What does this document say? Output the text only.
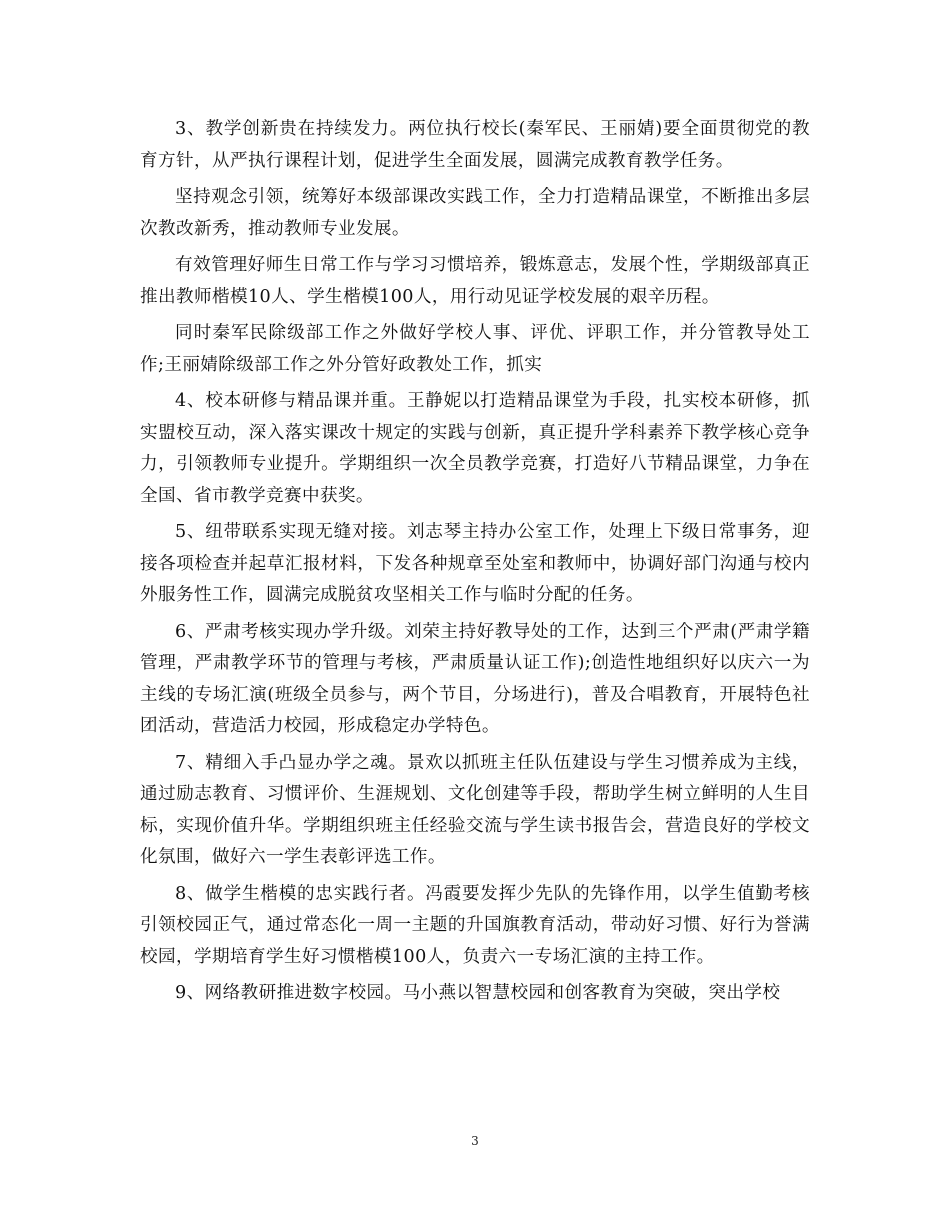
3、教学创新贵在持续发力。两位执行校长(秦军民、王丽婧)要全面贯彻党的教育方针，从严执行课程计划，促进学生全面发展，圆满完成教育教学任务。

坚持观念引领，统筹好本级部课改实践工作，全力打造精品课堂，不断推出多层次教改新秀，推动教师专业发展。

有效管理好师生日常工作与学习习惯培养，锻炼意志，发展个性，学期级部真正推出教师楷模10人、学生楷模100人，用行动见证学校发展的艰辛历程。

同时秦军民除级部工作之外做好学校人事、评优、评职工作，并分管教导处工作;王丽婧除级部工作之外分管好政教处工作，抓实

4、校本研修与精品课并重。王静妮以打造精品课堂为手段，扎实校本研修，抓实盟校互动，深入落实课改十规定的实践与创新，真正提升学科素养下教学核心竞争力，引领教师专业提升。学期组织一次全员教学竞赛，打造好八节精品课堂，力争在全国、省市教学竞赛中获奖。

5、纽带联系实现无缝对接。刘志琴主持办公室工作，处理上下级日常事务，迎接各项检查并起草汇报材料，下发各种规章至处室和教师中，协调好部门沟通与校内外服务性工作，圆满完成脱贫攻坚相关工作与临时分配的任务。

6、严肃考核实现办学升级。刘荣主持好教导处的工作，达到三个严肃(严肃学籍管理，严肃教学环节的管理与考核，严肃质量认证工作);创造性地组织好以庆六一为主线的专场汇演(班级全员参与，两个节目，分场进行)，普及合唱教育，开展特色社团活动，营造活力校园，形成稳定办学特色。

7、精细入手凸显办学之魂。景欢以抓班主任队伍建设与学生习惯养成为主线，通过励志教育、习惯评价、生涯规划、文化创建等手段，帮助学生树立鲜明的人生目标，实现价值升华。学期组织班主任经验交流与学生读书报告会，营造良好的学校文化氛围，做好六一学生表彰评选工作。

8、做学生楷模的忠实践行者。冯霞要发挥少先队的先锋作用，以学生值勤考核引领校园正气，通过常态化一周一主题的升国旗教育活动，带动好习惯、好行为誉满校园，学期培育学生好习惯楷模100人，负责六一专场汇演的主持工作。

9、网络教研推进数字校园。马小燕以智慧校园和创客教育为突破，突出学校

3
